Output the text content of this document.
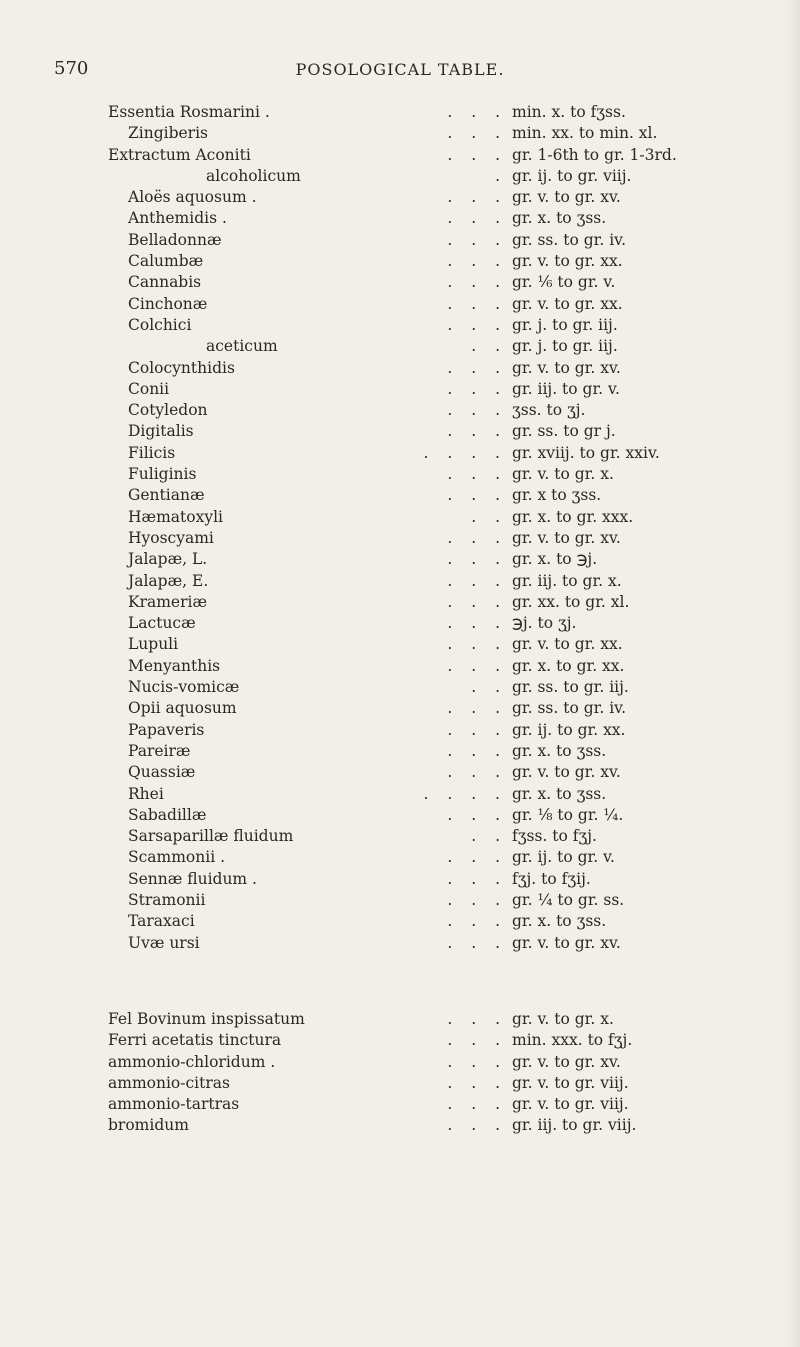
570	POSOLOGICAL TABLE.
Essentia Rosmarini .	. . . min. x. to fʒss.
Zingiberis	. . . min. xx. to min. xl.
Extractum Aconiti	. . . gr. 1-6th to gr. 1-3rd.
alcoholicum	. gr. ij. to gr. viij.
Aloës aquosum .	. . . gr. v. to gr. xv.
Anthemidis .	. . . gr. x. to ʒss.
Belladonnæ	. . . gr. ss. to gr. iv.
Calumbæ	. . . gr. v. to gr. xx.
Cannabis	. . . gr. ⅙ to gr. v.
Cinchonæ	. . . gr. v. to gr. xx.
Colchici	. . . gr. j. to gr. iij.
aceticum	. . gr. j. to gr. iij.
Colocynthidis	. . . gr. v. to gr. xv.
Conii	. . . gr. iij. to gr. v.
Cotyledon	. . . ʒss. to ʒj.
Digitalis	. . . gr. ss. to gr j.
Filicis	. . . . gr. xviij. to gr. xxiv.
Fuliginis	. . . gr. v. to gr. x.
Gentianæ	. . . gr. x to ʒss.
Hæmatoxyli	. . gr. x. to gr. xxx.
Hyoscyami	. . . gr. v. to gr. xv.
Jalapæ, L.	. . . gr. x. to ℈j.
Jalapæ, E.	. . . gr. iij. to gr. x.
Krameriæ	. . . gr. xx. to gr. xl.
Lactucæ	. . . ℈j. to ʒj.
Lupuli	. . . gr. v. to gr. xx.
Menyanthis	. . . gr. x. to gr. xx.
Nucis-vomicæ	. . gr. ss. to gr. iij.
Opii aquosum	. . . gr. ss. to gr. iv.
Papaveris	. . . gr. ij. to gr. xx.
Pareiræ	. . . gr. x. to ʒss.
Quassiæ	. . . gr. v. to gr. xv.
Rhei	. . . . gr. x. to ʒss.
Sabadillæ	. . . gr. ⅛ to gr. ¼.
Sarsaparillæ fluidum	. . fʒss. to fʒj.
Scammonii .	. . . gr. ij. to gr. v.
Sennæ fluidum .	. . . fʒj. to fʒij.
Stramonii	. . . gr. ¼ to gr. ss.
Taraxaci	. . . gr. x. to ʒss.
Uvæ ursi	. . . gr. v. to gr. xv.
Fel Bovinum inspissatum	. . . gr. v. to gr. x.
Ferri acetatis tinctura	. . . min. xxx. to fʒj.
ammonio-chloridum .	. . . gr. v. to gr. xv.
ammonio-citras	. . . gr. v. to gr. viij.
ammonio-tartras	. . . gr. v. to gr. viij.
bromidum	. . . gr. iij. to gr. viij.
